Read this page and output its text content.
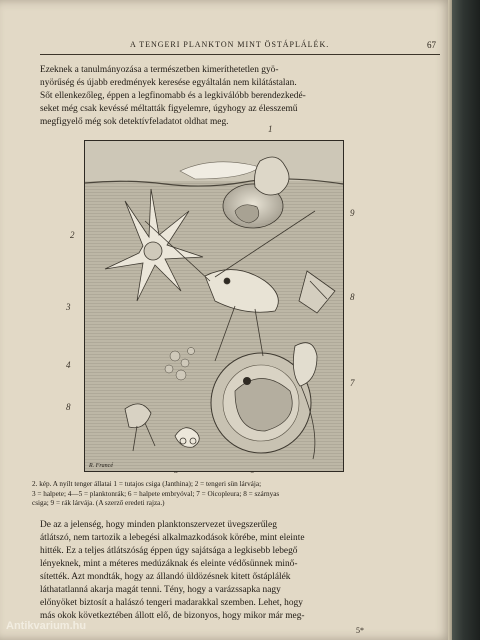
A TENGERI PLANKTON MINT ÖSTÁPLÁLÉK.	67
Ezeknek a tanulmányozása a természetben kimeríthetetlen gyö-
nyörűség és újabb eredmények keresése egyáltalán nem kilátástalan.
Sőt ellenkezőleg, éppen a legfinomabb és a legkiválóbb berendezkedé-
seket még csak kevéssé méltatták figyelemre, úgyhogy az élesszemű
megfigyelő még sok detektívfeladatot oldhat meg.
1
2
3
4
8
9
8
7
R. Francé
2. kép. A nyílt tenger állatai 1 = tutajos csiga (Janthina); 2 = tengeri sün lárvája;
3 = halpete; 4—5 = planktonrák; 6 = halpete embryóval; 7 = Oicopleura; 8 = szárnyas
csiga; 9 = rák lárvája. (A szerző eredeti rajza.)
De az a jelenség, hogy minden planktonszervezet üvegszerűleg
átlátszó, nem tartozik a lebegési alkalmazkodások körébe, mint eleinte
hitték. Ez a teljes átlátszóság éppen úgy sajátsága a legkisebb lebegő
lényeknek, mint a méteres medúzáknak és eleinte védősünnek minő-
sítették. Azt mondták, hogy az állandó üldözésnek kitett őstáplálék
láthatatlanná akarja magát tenni. Tény, hogy a varázssapka nagy
előnyöket biztosít a halászó tengeri madarakkal szemben. Lehet, hogy
más okok következtében állott elő, de bizonyos, hogy mikor már meg-
5*
Antikvarium.hu
